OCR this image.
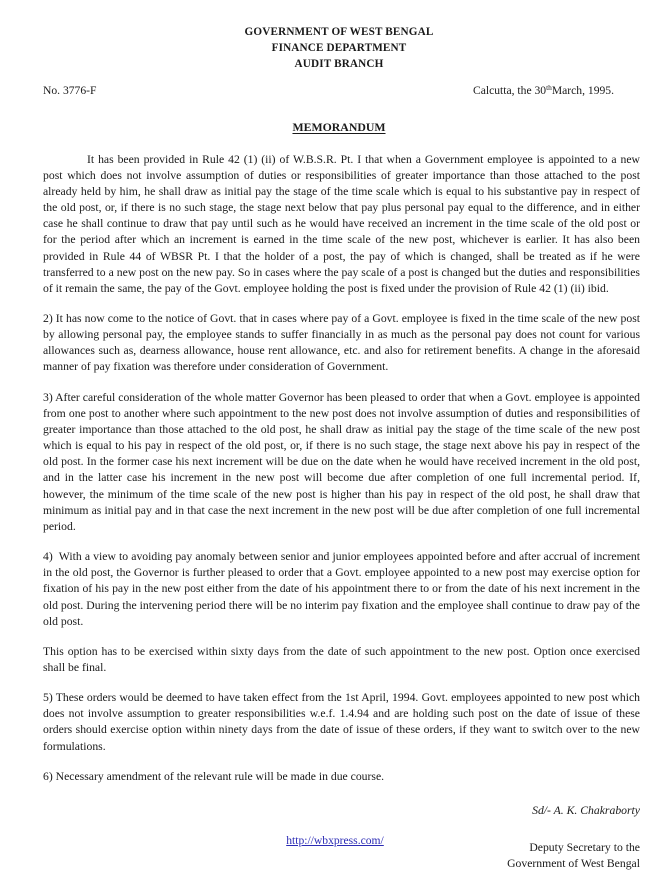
GOVERNMENT OF WEST BENGAL
FINANCE DEPARTMENT
AUDIT BRANCH
No. 3776-F	Calcutta, the 30thMarch, 1995.
MEMORANDUM

It has been provided in Rule 42 (1) (ii) of W.B.S.R. Pt. I that when a Government employee is appointed to a new post which does not involve assumption of duties or responsibilities of greater importance than those attached to the post already held by him, he shall draw as initial pay the stage of the time scale which is equal to his substantive pay in respect of the old post, or, if there is no such stage, the stage next below that pay plus personal pay equal to the difference, and in either case he shall continue to draw that pay until such as he would have received an increment in the time scale of the old post or for the period after which an increment is earned in the time scale of the new post, whichever is earlier. It has also been provided in Rule 44 of WBSR Pt. I that the holder of a post, the pay of which is changed, shall be treated as if he were transferred to a new post on the new pay. So in cases where the pay scale of a post is changed but the duties and responsibilities of it remain the same, the pay of the Govt. employee holding the post is fixed under the provision of Rule 42 (1) (ii) ibid.

2) It has now come to the notice of Govt. that in cases where pay of a Govt. employee is fixed in the time scale of the new post by allowing personal pay, the employee stands to suffer financially in as much as the personal pay does not count for various allowances such as, dearness allowance, house rent allowance, etc. and also for retirement benefits. A change in the aforesaid manner of pay fixation was therefore under consideration of Government.

3) After careful consideration of the whole matter Governor has been pleased to order that when a Govt. employee is appointed from one post to another where such appointment to the new post does not involve assumption of duties and responsibilities of greater importance than those attached to the old post, he shall draw as initial pay the stage of the time scale of the new post which is equal to his pay in respect of the old post, or, if there is no such stage, the stage next above his pay in respect of the old post. In the former case his next increment will be due on the date when he would have received increment in the old post, and in the latter case his increment in the new post will become due after completion of one full incremental period. If, however, the minimum of the time scale of the new post is higher than his pay in respect of the old post, he shall draw that minimum as initial pay and in that case the next increment in the new post will be due after completion of one full incremental period.

4)  With a view to avoiding pay anomaly between senior and junior employees appointed before and after accrual of increment in the old post, the Governor is further pleased to order that a Govt. employee appointed to a new post may exercise option for fixation of his pay in the new post either from the date of his appointment there to or from the date of his next increment in the old post. During the intervening period there will be no interim pay fixation and the employee shall continue to draw pay of the old post.

This option has to be exercised within sixty days from the date of such appointment to the new post. Option once exercised shall be final.

5) These orders would be deemed to have taken effect from the 1st April, 1994. Govt. employees appointed to new post which does not involve assumption to greater responsibilities w.e.f. 1.4.94 and are holding such post on the date of issue of these orders should exercise option within ninety days from the date of issue of these orders, if they want to switch over to the new formulations.

6) Necessary amendment of the relevant rule will be made in due course.

Sd/- A. K. Chakraborty
Deputy Secretary to the
Government of West Bengal
http://wbxpress.com/
